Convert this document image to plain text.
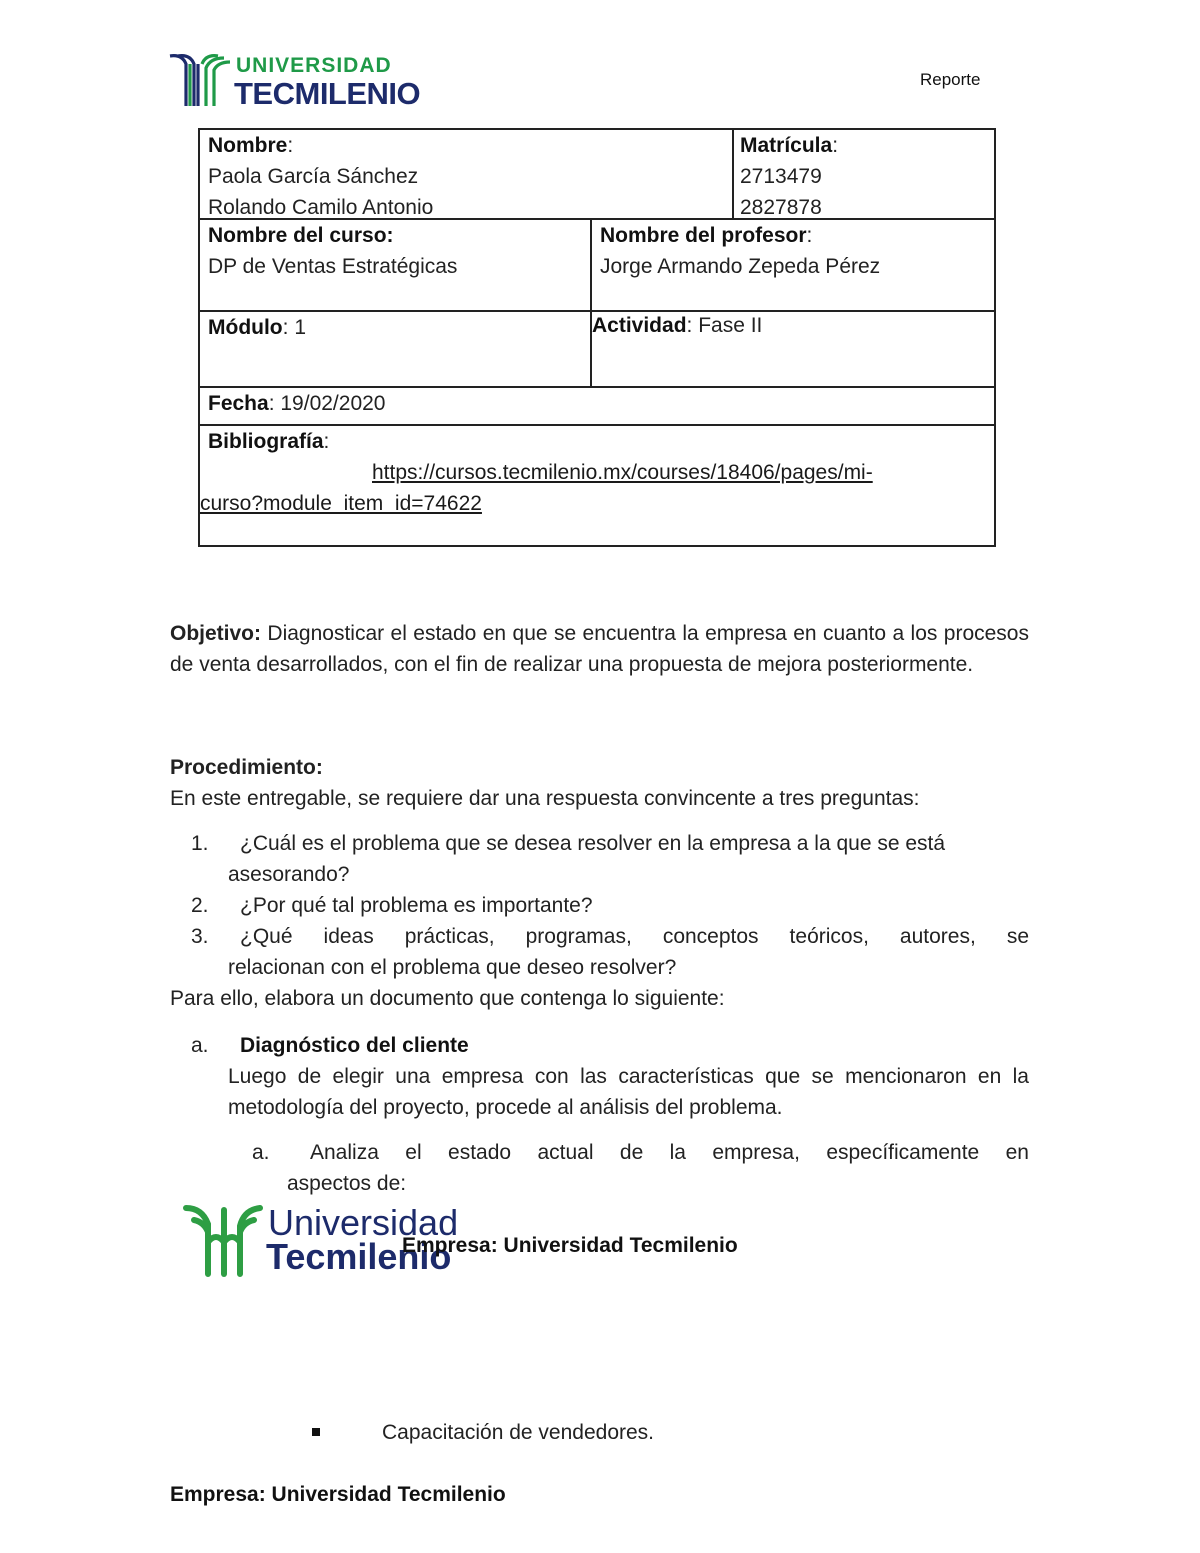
UNIVERSIDAD
TECMILENIO	Reporte
Nombre:
Paola García Sánchez
Rolando Camilo Antonio
Matrícula:
2713479
2827878
Nombre del curso:
DP de Ventas Estratégicas
Nombre del profesor:
Jorge Armando Zepeda Pérez
Módulo: 1	Actividad: Fase II
Fecha: 19/02/2020
Bibliografía:
https://cursos.tecmilenio.mx/courses/18406/pages/mi-
curso?module_item_id=74622
Objetivo: Diagnosticar el estado en que se encuentra la empresa en cuanto a los procesos de venta desarrollados, con el fin de realizar una propuesta de mejora posteriormente.
Procedimiento:
En este entregable, se requiere dar una respuesta convincente a tres preguntas:
1. ¿Cuál es el problema que se desea resolver en la empresa a la que se está
asesorando?
2. ¿Por qué tal problema es importante?
3. ¿Qué ideas prácticas, programas, conceptos teóricos, autores, se
relacionan con el problema que deseo resolver?
Para ello, elabora un documento que contenga lo siguiente:
a. Diagnóstico del cliente
Luego de elegir una empresa con las características que se mencionaron en la metodología del proyecto, procede al análisis del problema.
a. Analiza el estado actual de la empresa, específicamente en
aspectos de:
Universidad
Tecmilenio
Empresa: Universidad Tecmilenio
Capacitación de vendedores.
Empresa: Universidad Tecmilenio
